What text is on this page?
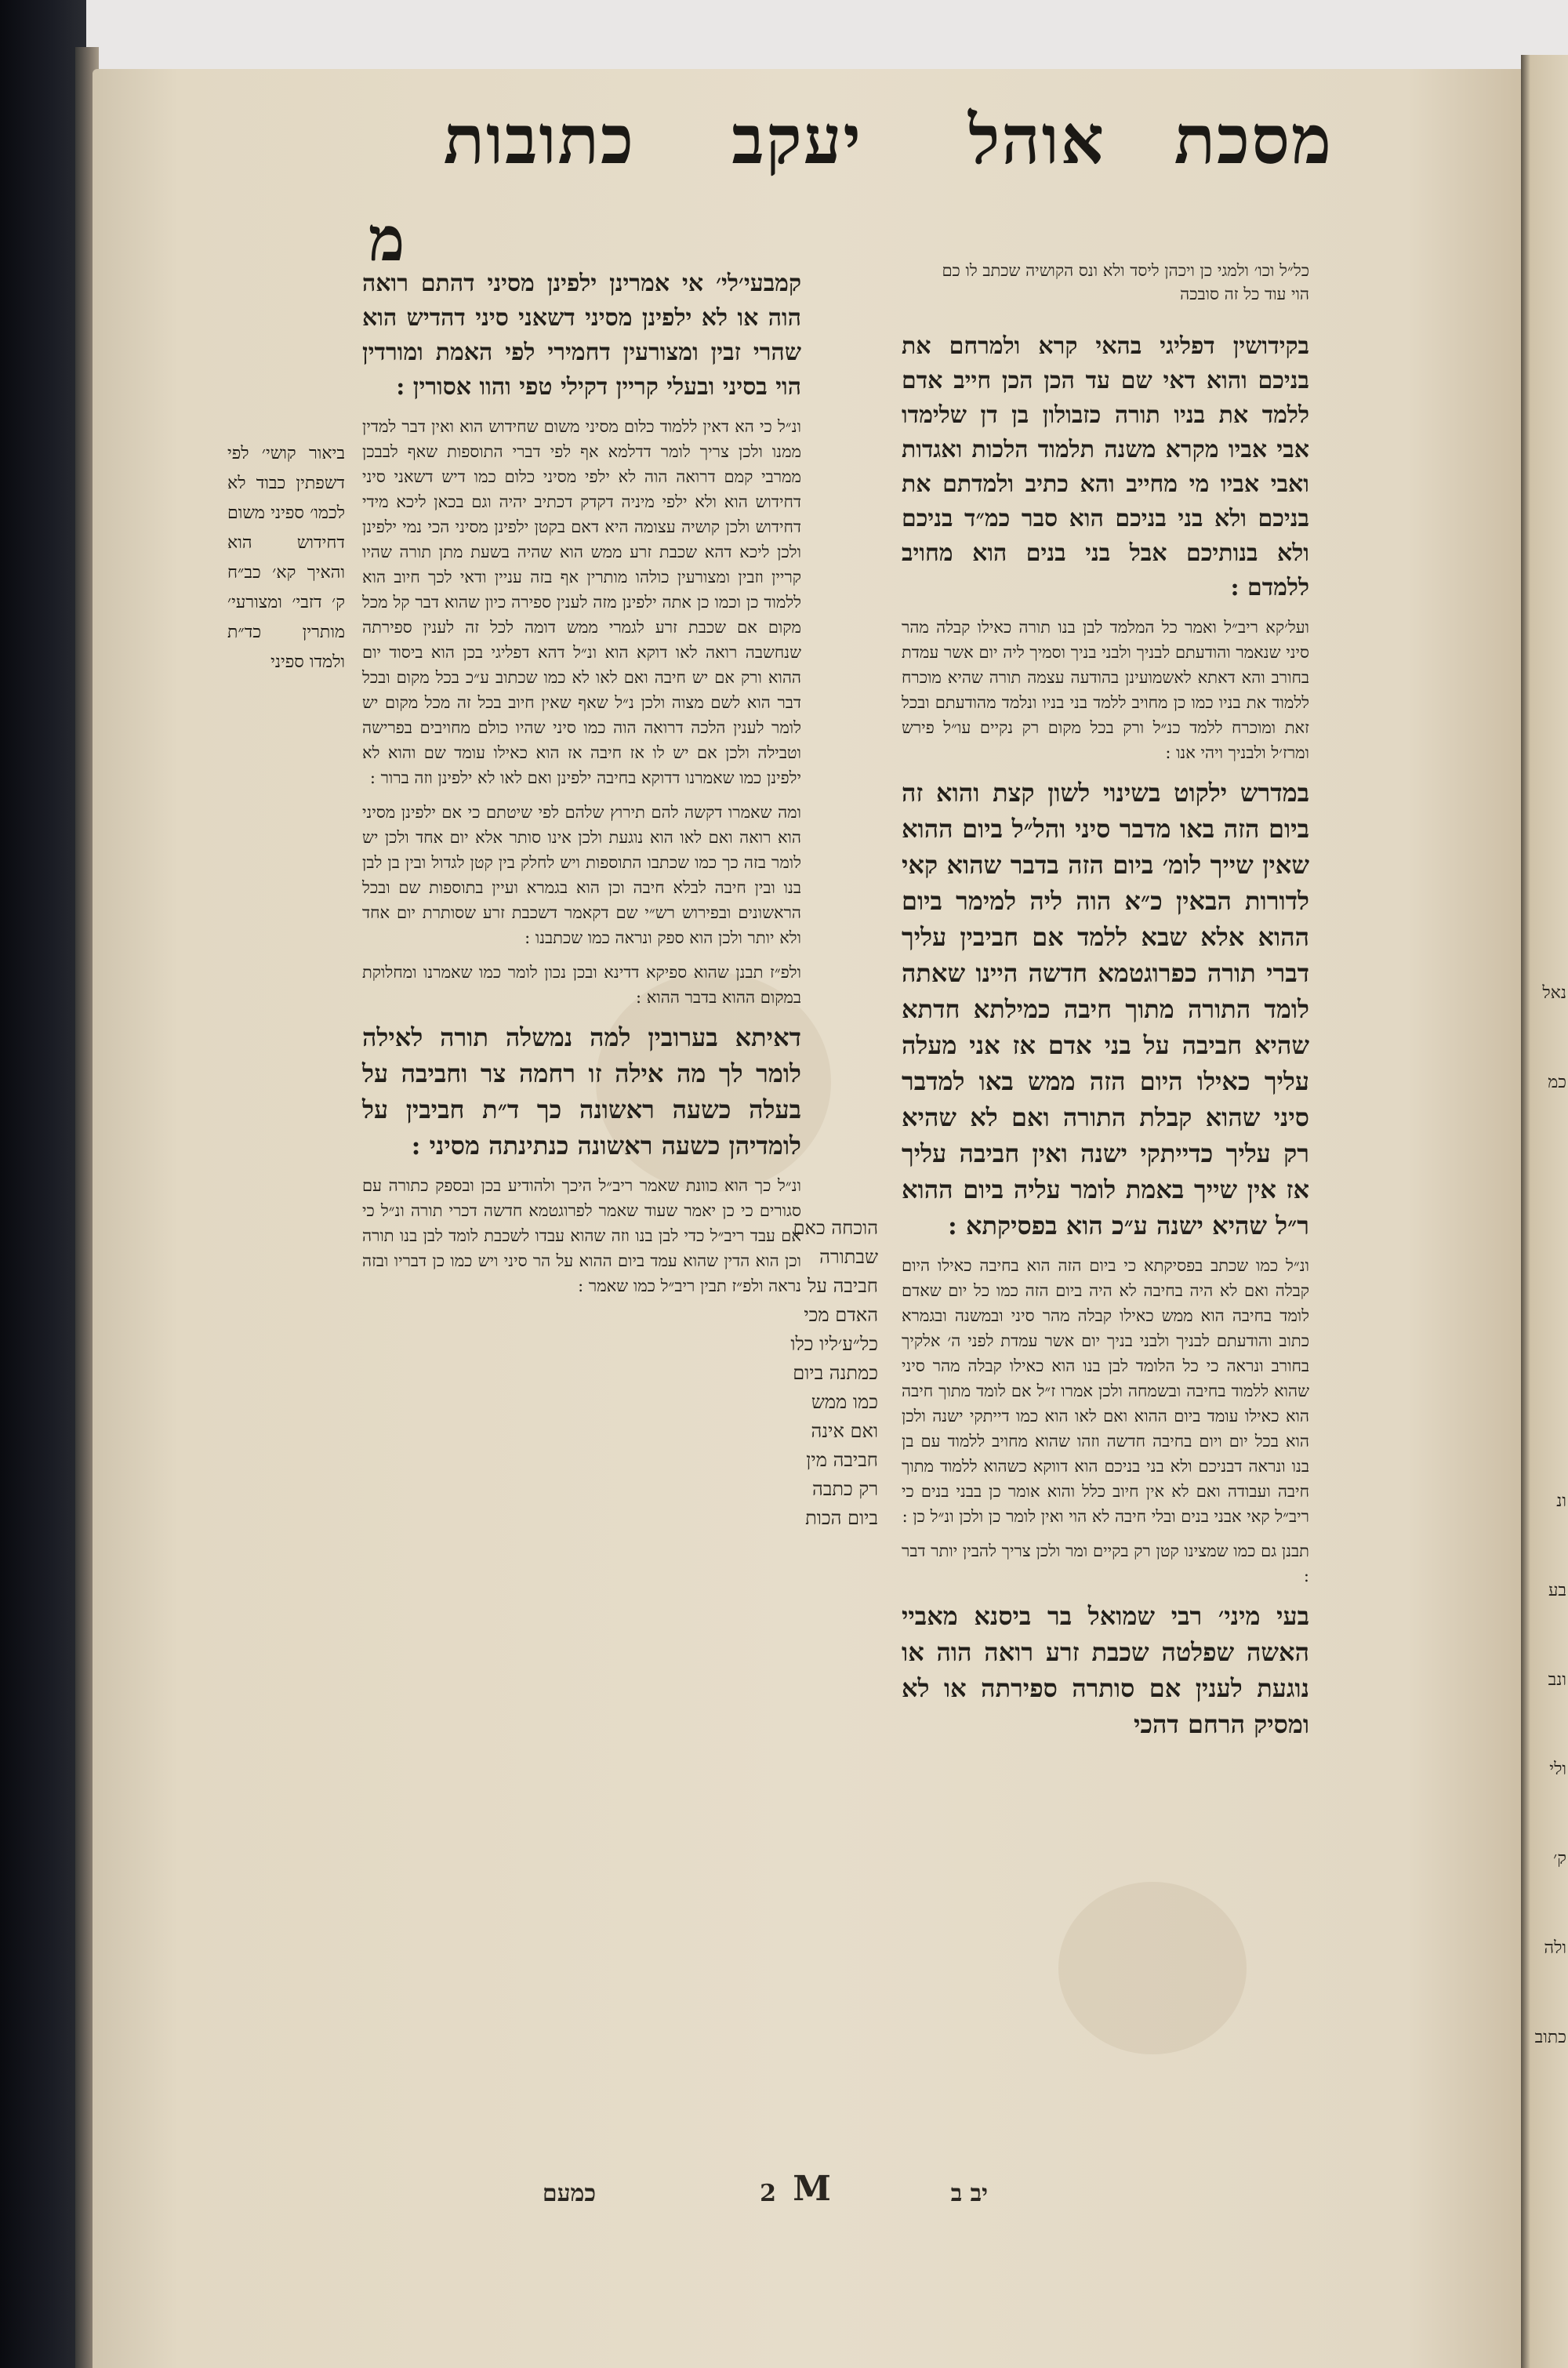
נאל
כמ
ונ
בע
ונב
ולי
ק׳
ולה
כתוב
מסכת
אוהל
יעקב
כתובות
מ	כל״ל וכו׳ ולמגי כן ויכהן ליסד ולא ונס הקושיה שכתב לו כם הוי עוד כל זה סובכה

בקידושין דפליגי בהאי קרא ולמרחם את בניכם והוא דאי שם עד הכן הכן חייב אדם ללמד את בניו תורה כזבולון בן דן שלימדו אבי אביו מקרא משנה תלמוד הלכות ואגדות ואבי אביו מי מחייב והא כתיב ולמדתם את בניכם ולא בני בניכם הוא סבר כמ״ד בניכם ולא בנותיכם אבל בני בנים הוא מחויב ללמדם :

ועל׳קא ריב״ל ואמר כל המלמד לבן בנו תורה כאילו קבלה מהר סיני שנאמר והודעתם לבניך ולבני בניך וסמיך ליה יום אשר עמדת בחורב והא דאתא לאשמועינן בהודעה עצמה תורה שהיא מוכרח ללמוד את בניו כמו כן מחויב ללמד בני בניו ונלמד מהודעתם ובכל זאת ומוכרח ללמד כנ״ל ורק בכל מקום רק נקיים עו״ל פירש ומרז׳ל ולבניך ויהי אנו :

במדרש ילקוט בשינוי לשון קצת והוא זה ביום הזה באו מדבר סיני והל״ל ביום ההוא שאין שייך לומ׳ ביום הזה בדבר שהוא קאי לדורות הבאין כ״א הוה ליה למימר ביום ההוא אלא שבא ללמד אם חביבין עליך דברי תורה כפרוגטמא חדשה היינו שאתה לומד התורה מתוך חיבה כמילתא חדתא שהיא חביבה על בני אדם אז אני מעלה עליך כאילו היום הזה ממש באו למדבר סיני שהוא קבלת התורה ואם לא שהיא רק עליך כדייתקי ישנה ואין חביבה עליך אז אין שייך באמת לומר עליה ביום ההוא ר״ל שהיא ישנה ע״כ הוא בפסיקתא :

ונ״ל כמו שכתב בפסיקתא כי ביום הזה הוא בחיבה כאילו היום קבלה ואם לא היה בחיבה לא היה ביום הזה כמו כל יום שאדם לומד בחיבה הוא ממש כאילו קבלה מהר סיני ובמשנה ובגמרא כתוב והודעתם לבניך ולבני בניך יום אשר עמדת לפני ה׳ אלקיך בחורב ונראה כי כל הלומד לבן בנו הוא כאילו קבלה מהר סיני שהוא ללמוד בחיבה ובשמחה ולכן אמרו ז״ל אם לומד מתוך חיבה הוא כאילו עומד ביום ההוא ואם לאו הוא כמו דייתקי ישנה ולכן הוא בכל יום ויום בחיבה חדשה וזהו שהוא מחויב ללמוד עם בן בנו ונראה דבניכם ולא בני בניכם הוא דווקא כשהוא ללמוד מתוך חיבה ועבודה ואם לא אין חיוב כלל והוא אומר כן בבני בנים כי ריב״ל קאי אבני בנים ובלי חיבה לא הוי ואין לומר כן ולכן ונ״ל כן :

תבנן גם כמו שמצינו קטן רק בקיים ומר ולכן צריך להבין יותר דבר :

בעי מיני׳ רבי שמואל בר ביסנא מאביי האשה שפלטה שכבת זרע רואה הוה או נוגעת לענין אם סותרה ספירתה או לא ומסיק הרחם דהכי

קמבעי׳לי׳ אי אמרינן ילפינן מסיני דהתם רואה הוה או לא ילפינן מסיני דשאני סיני דהדיש הוא שהרי זבין ומצורעין דחמירי לפי האמת ומורדין הוי בסיני ובעלי קריין דקילי טפי והוו אסורין :

ונ״ל כי הא דאין ללמוד כלום מסיני משום שחידוש הוא ואין דבר למדין ממנו ולכן צריך לומר דדלמא אף לפי דברי התוספות שאף לבבכן ממרבי קמם דרואה הוה לא ילפי מסיני כלום כמו דיש דשאני סיני דחידוש הוא ולא ילפי מיניה דקדק דכתיב יהיה וגם בכאן ליכא מידי דחידוש ולכן קושיה עצומה היא דאם בקטן ילפינן מסיני הכי נמי ילפינן ולכן ליכא דהא שכבת זרע ממש הוא שהיה בשעת מתן תורה שהיו קריין וזבין ומצורעין כולהו מותרין אף בזה עניין ודאי לכך חיוב הוא ללמוד כן וכמו כן אתה ילפינן מזה לענין ספירה כיון שהוא דבר קל מכל מקום אם שכבת זרע לגמרי ממש דומה לכל זה לענין ספירתה שנחשבה רואה לאו דוקא הוא ונ״ל דהא דפליגי בכן הוא ביסוד יום ההוא ורק אם יש חיבה ואם לאו לא כמו שכתוב ע״כ בכל מקום ובכל דבר הוא לשם מצוה ולכן נ״ל שאף שאין חיוב בכל זה מכל מקום יש לומר לענין הלכה דרואה הוה כמו סיני שהיו כולם מחויבים בפרישה וטבילה ולכן אם יש לו אז חיבה אז הוא כאילו עומד שם והוא לא ילפינן כמו שאמרנו דדוקא בחיבה ילפינן ואם לאו לא ילפינן וזה ברור :

ומה שאמרו דקשה להם תירוץ שלהם לפי שיטתם כי אם ילפינן מסיני הוא רואה ואם לאו הוא נוגעת ולכן אינו סותר אלא יום אחד ולכן יש לומר בזה כך כמו שכתבו התוספות ויש לחלק בין קטן לגדול ובין בן לבן בנו ובין חיבה לבלא חיבה וכן הוא בגמרא ועיין בתוספות שם ובכל הראשונים ובפירוש רש״י שם דקאמר דשכבת זרע שסותרת יום אחד ולא יותר ולכן הוא ספק ונראה כמו שכתבנו :

ולפ״ז תבנן שהוא ספיקא דדינא ובכן נכון לומר כמו שאמרנו ומחלוקת במקום ההוא בדבר ההוא :

דאיתא בערובין למה נמשלה תורה לאילה לומר לך מה אילה זו רחמה צר וחביבה על בעלה כשעה ראשונה כך ד״ת חביבין על לומדיהן כשעה ראשונה כנתינתה מסיני :

ונ״ל כך הוא כוונת שאמר ריב״ל היכך ולהודיע בכן ובספק כתורה עם סגורים כי כן יאמר שעוד שאמר לפרוגטמא חדשה דכרי תורה ונ״ל כי אם עבד ריב״ל כדי לבן בנו וזה שהוא עבדו לשכבת לומד לבן בנו תורה וכן הוא הדין שהוא עמד ביום ההוא על הר סיני ויש כמו כן דבריו ובזה נראה ולפ״ז תבין ריב״ל כמו שאמר :

ביאור קושי׳ לפי דשפתין כבוד לא לכמו׳ ספיני משום דחידוש הוא והאיך קא׳ כב״ח ק׳ דזבי׳ ומצורעי׳ מותרין כד״ת ולמדו ספיני

הוכחה כאם שבתורה חביבה על האדם מכי כל״ע׳ליו כלו כמתנה ביום כמו ממש ואם אינה חביבה מין רק כתבה ביום הכות
יב ב
M
2
כמעם
